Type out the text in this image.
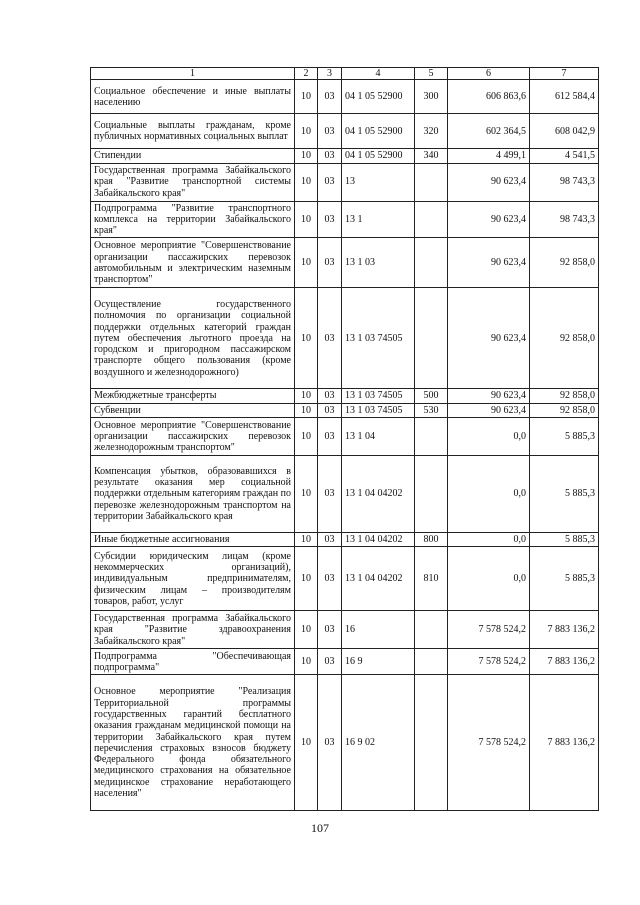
1	2	3	4	5	6	7
Социальное обеспечение и иные выплаты населению	10	03	04 1 05 52900	300	606 863,6	612 584,4
Социальные выплаты гражданам, кроме публичных нормативных социальных выплат	10	03	04 1 05 52900	320	602 364,5	608 042,9
Стипендии	10	03	04 1 05 52900	340	4 499,1	4 541,5
Государственная программа Забайкальского края "Развитие транспортной системы Забайкальского края"	10	03	13		90 623,4	98 743,3
Подпрограмма "Развитие транспортного комплекса на территории Забайкальского края"	10	03	13 1		90 623,4	98 743,3
Основное мероприятие "Совершенствование организации пассажирских перевозок автомобильным и электрическим наземным транспортом"	10	03	13 1 03		90 623,4	92 858,0
Осуществление государственного полномочия по организации социальной поддержки отдельных категорий граждан путем обеспечения льготного проезда на городском и пригородном пассажирском транспорте общего пользования (кроме воздушного и железнодорожного)	10	03	13 1 03 74505		90 623,4	92 858,0
Межбюджетные трансферты	10	03	13 1 03 74505	500	90 623,4	92 858,0
Субвенции	10	03	13 1 03 74505	530	90 623,4	92 858,0
Основное мероприятие "Совершенствование организации пассажирских перевозок железнодорожным транспортом"	10	03	13 1 04		0,0	5 885,3
Компенсация убытков, образовавшихся в результате оказания мер социальной поддержки отдельным категориям граждан по перевозке железнодорожным транспортом на территории Забайкальского края	10	03	13 1 04 04202		0,0	5 885,3
Иные бюджетные ассигнования	10	03	13 1 04 04202	800	0,0	5 885,3
Субсидии юридическим лицам (кроме некоммерческих организаций), индивидуальным предпринимателям, физическим лицам – производителям товаров, работ, услуг	10	03	13 1 04 04202	810	0,0	5 885,3
Государственная программа Забайкальского края "Развитие здравоохранения Забайкальского края"	10	03	16		7 578 524,2	7 883 136,2
Подпрограмма "Обеспечивающая подпрограмма"	10	03	16 9		7 578 524,2	7 883 136,2
Основное мероприятие "Реализация Территориальной программы государственных гарантий бесплатного оказания гражданам медицинской помощи на территории Забайкальского края путем перечисления страховых взносов бюджету Федерального фонда обязательного медицинского страхования на обязательное медицинское страхование неработающего населения"	10	03	16 9 02		7 578 524,2	7 883 136,2
107
